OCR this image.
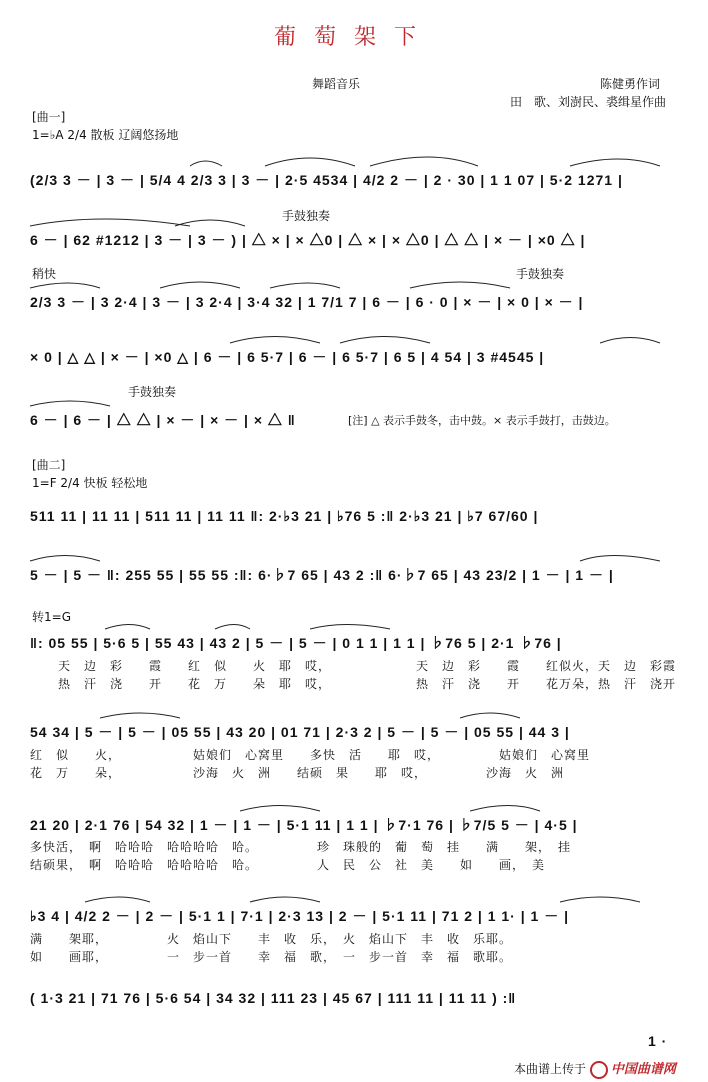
葡萄架下
舞蹈音乐	陈健勇作词
田　歌、刘澍民、裘缉星作曲
[曲一]
1=♭A 2/4 散板 辽阔悠扬地
(2/3 3 － | 3 － | 5/4 4 2/3 3 | 3 － | 2·5 4534 | 4/2 2 － | 2 · 30 | 1 1 07 | 5·2 1271 |
手鼓独奏
6 － | 62 #1212 | 3 － | 3 － ) | △ × | × △0 | △ × | × △0 | △ △ | × － | ×0 △ |
稍快	手鼓独奏
2/3 3 － | 3 2·4 | 3 － | 3 2·4 | 3·4 32 | 1 7/1 7 | 6 － | 6 · 0 | × － | × 0 | × － |
× 0 | △ △ | × － | ×0 △ | 6 － | 6 5·7 | 6 － | 6 5·7 | 6 5 | 4 54 | 3 #4545 |
手鼓独奏
6 － | 6 － | △ △ | × － | × － | × △ ‖	[注] △ 表示手鼓冬，击中鼓。× 表示手鼓打，击鼓边。
[曲二]
1=F 2/4 快板 轻松地
511 11 | 11 11 | 511 11 | 11 11 ‖: 2·♭3 21 | ♭76 5 :‖ 2·♭3 21 | ♭7 67/60 |
5 － | 5 － ‖: 255 55 | 55 55 :‖: 6·♭7 65 | 43 2 :‖ 6·♭7 65 | 43 23/2 | 1 － | 1 － |
转1=G
‖: 05 55 | 5·6 5 | 55 43 | 43 2 | 5 － | 5 － | 0 1 1 | 1 1 | ♭76 5 | 2·1 ♭76 |
天　边　彩　　霞　　红　似　　火　耶　哎，　　　　　　　天　边　彩　　霞　　红似火，天　边　彩霞
热　汗　浇　　开　　花　万　　朵　耶　哎，　　　　　　　热　汗　浇　　开　　花万朵，热　汗　浇开
54 34 | 5 － | 5 － | 05 55 | 43 20 | 01 71 | 2·3 2 | 5 － | 5 － | 05 55 | 44 3 |
红　似　　火，　　　　　　姑娘们　心窝里　　多快　活　　耶　哎，　　　　　姑娘们　心窝里
花　万　　朵，　　　　　　沙海　火　洲　　结硕　果　　耶　哎，　　　　　沙海　火　洲
21 20 | 2·1 76 | 54 32 | 1 － | 1 － | 5·1 11 | 1 1 | ♭7·1 76 | ♭7/5 5 － | 4·5 |
多快活，　啊　哈哈哈　哈哈哈哈　哈。　　　　　珍　珠般的　葡　萄　挂　　满　　架，　挂
结硕果，　啊　哈哈哈　哈哈哈哈　哈。　　　　　人　民　公　社　美　　如　　画，　美
♭3 4 | 4/2 2 － | 2 － | 5·1 1 | 7·1 | 2·3 13 | 2 － | 5·1 11 | 71 2 | 1 1· | 1 － |
满　　架耶，　　　　　火　焰山下　　丰　收　乐，　火　焰山下　丰　收　乐耶。
如　　画耶，　　　　　一　步一首　　幸　福　歌，　一　步一首　幸　福　歌耶。
( 1·3 21 | 71 76 | 5·6 54 | 34 32 | 111 23 | 45 67 | 111 11 | 11 11 ) :‖
1 ·
本曲谱上传于 中国曲谱网
